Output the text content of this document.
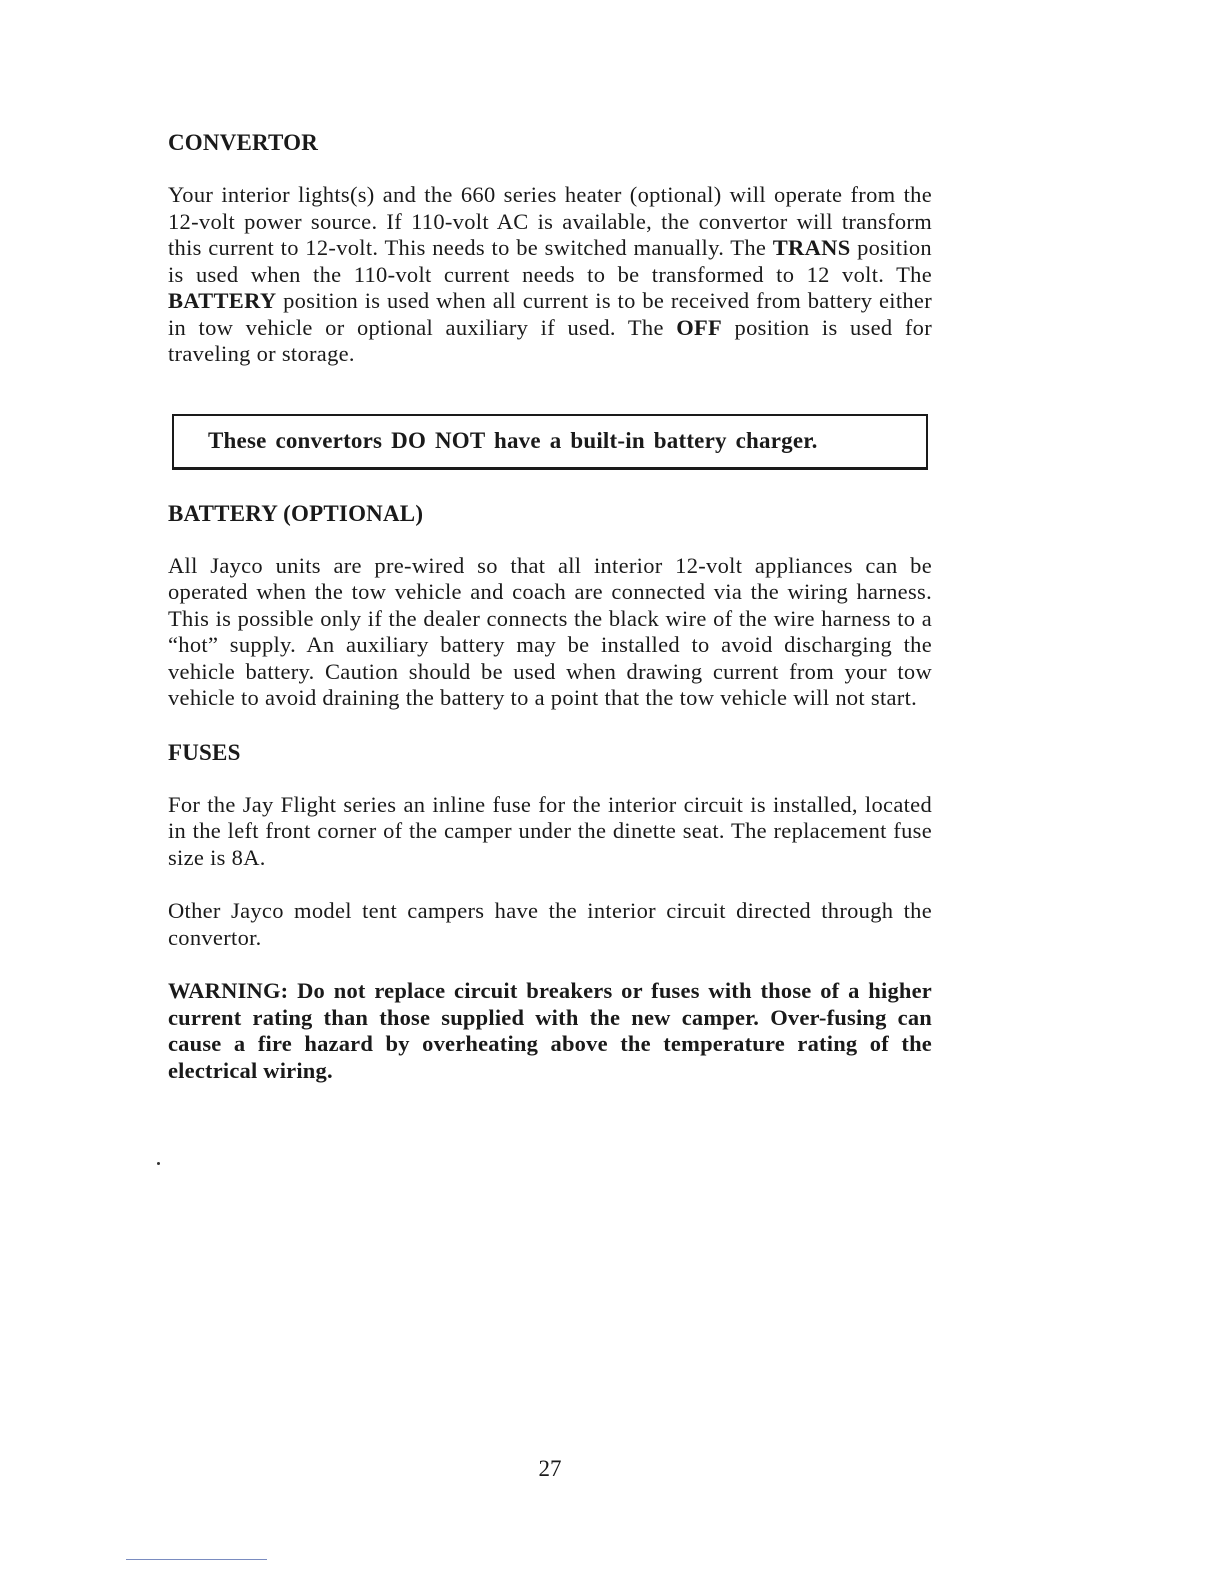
CONVERTOR

Your interior lights(s) and the 660 series heater (optional) will operate from the 12-volt power source. If 110-volt AC is available, the convertor will transform this current to 12-volt. This needs to be switched manually. The TRANS position is used when the 110-volt current needs to be transformed to 12 volt. The BATTERY position is used when all current is to be received from battery either in tow vehicle or optional auxiliary if used. The OFF position is used for traveling or storage.

These convertors DO NOT have a built-in battery charger.
BATTERY (OPTIONAL)

All Jayco units are pre-wired so that all interior 12-volt appliances can be operated when the tow vehicle and coach are connected via the wiring harness. This is possible only if the dealer connects the black wire of the wire harness to a “hot” supply. An auxiliary battery may be installed to avoid discharging the vehicle battery. Caution should be used when drawing current from your tow vehicle to avoid draining the battery to a point that the tow vehicle will not start.

FUSES

For the Jay Flight series an inline fuse for the interior circuit is installed, located in the left front corner of the camper under the dinette seat. The replacement fuse size is 8A.

Other Jayco model tent campers have the interior circuit directed through the convertor.

WARNING: Do not replace circuit breakers or fuses with those of a higher current rating than those supplied with the new camper. Over-fusing can cause a fire hazard by overheating above the temperature rating of the electrical wiring.

27
